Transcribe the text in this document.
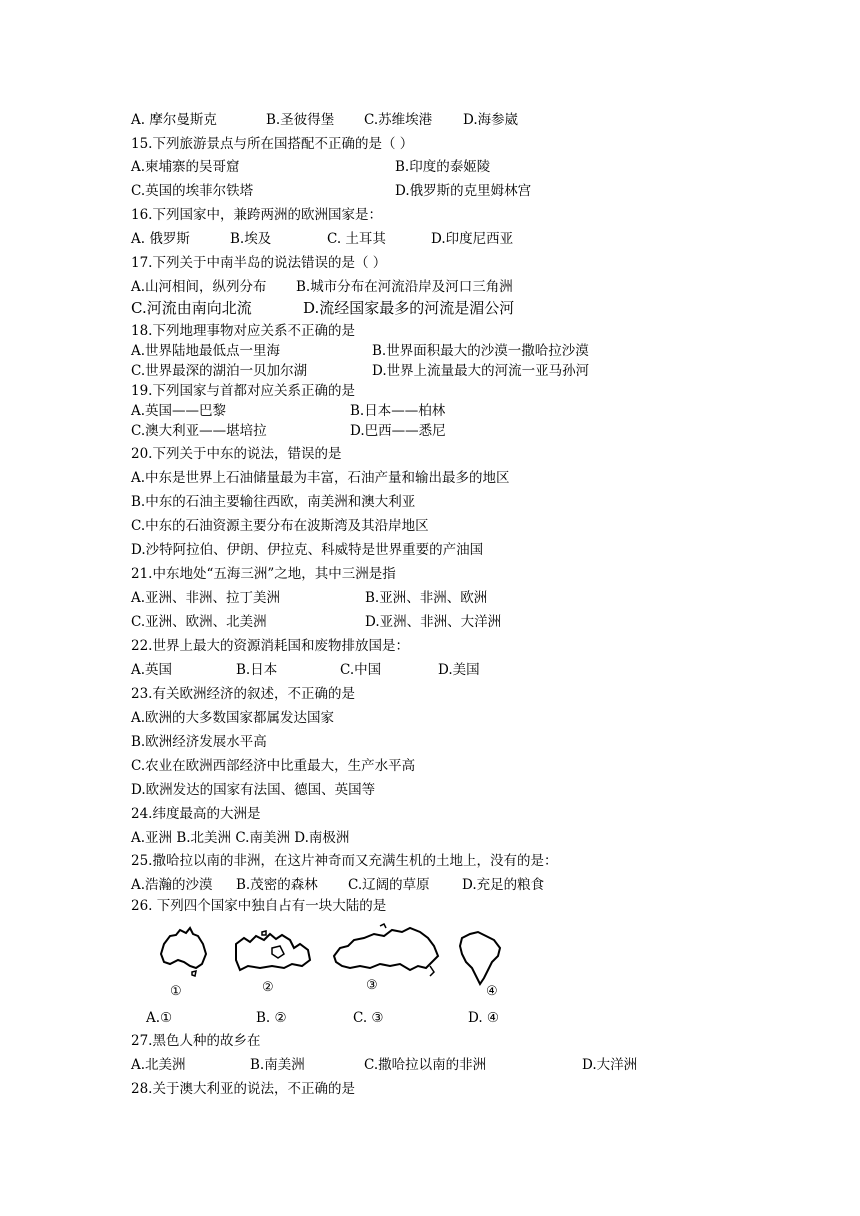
A. 摩尔曼斯克	B.圣彼得堡 C.苏维埃港 D.海参崴
15.下列旅游景点与所在国搭配不正确的是（ ）
A.柬埔寨的吴哥窟	B.印度的泰姬陵
C.英国的埃菲尔铁塔	D.俄罗斯的克里姆林宫
16.下列国家中，兼跨两洲的欧洲国家是：
A. 俄罗斯	B.埃及	C. 土耳其	D.印度尼西亚
17.下列关于中南半岛的说法错误的是（ ）
A.山河相间，纵列分布 B.城市分布在河流沿岸及河口三角洲
C.河流由南向北流	D.流经国家最多的河流是湄公河
18.下列地理事物对应关系不正确的是
A.世界陆地最低点一里海	B.世界面积最大的沙漠一撒哈拉沙漠
C.世界最深的湖泊一贝加尔湖	D.世界上流量最大的河流一亚马孙河
19.下列国家与首都对应关系正确的是
A.英国——巴黎	B.日本——柏林
C.澳大利亚——堪培拉	D.巴西——悉尼
20.下列关于中东的说法，错误的是
A.中东是世界上石油储量最为丰富，石油产量和输出最多的地区
B.中东的石油主要输往西欧，南美洲和澳大利亚
C.中东的石油资源主要分布在波斯湾及其沿岸地区
D.沙特阿拉伯、伊朗、伊拉克、科威特是世界重要的产油国
21.中东地处“五海三洲”之地，其中三洲是指
A.亚洲、非洲、拉丁美洲	B.亚洲、非洲、欧洲
C.亚洲、欧洲、北美洲	D.亚洲、非洲、大洋洲
22.世界上最大的资源消耗国和废物排放国是：
A.英国	B.日本	C.中国	D.美国
23.有关欧洲经济的叙述，不正确的是
A.欧洲的大多数国家都属发达国家
B.欧洲经济发展水平高
C.农业在欧洲西部经济中比重最大，生产水平高
D.欧洲发达的国家有法国、德国、英国等
24.纬度最高的大洲是
A.亚洲 B.北美洲 C.南美洲 D.南极洲
25.撒哈拉以南的非洲，在这片神奇而又充满生机的土地上，没有的是：
A.浩瀚的沙漠 B.茂密的森林 C.辽阔的草原 D.充足的粮食
26. 下列四个国家中独自占有一块大陆的是
①	②	③	④
A.①	B. ②	C. ③	D. ④
27.黑色人种的故乡在
A.北美洲	B.南美洲	C.撒哈拉以南的非洲	D.大洋洲
28.关于澳大利亚的说法，不正确的是
